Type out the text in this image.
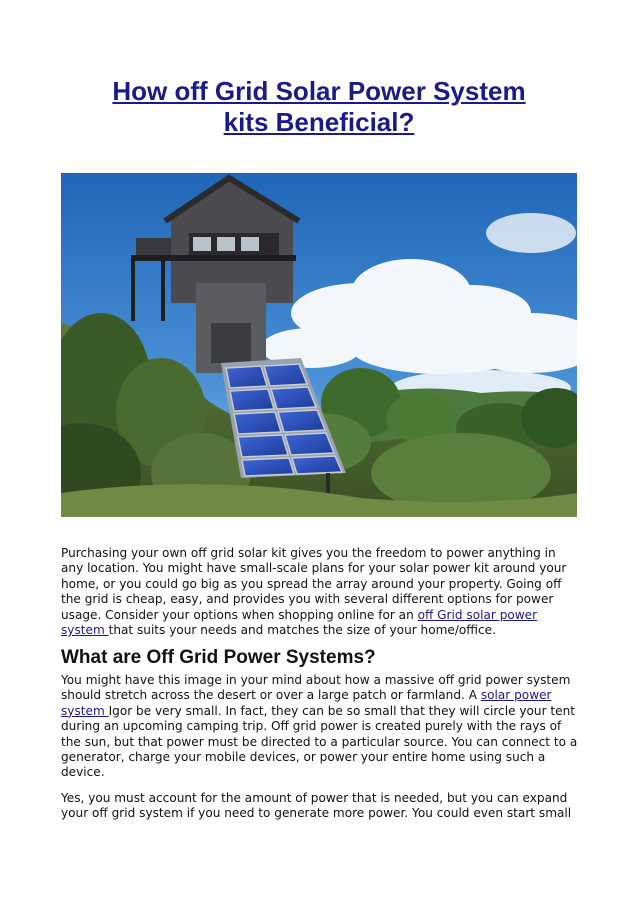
How off Grid Solar Power System
kits Beneficial?

Purchasing your own off grid solar kit gives you the freedom to power anything in any location. You might have small-scale plans for your solar power kit around your home, or you could go big as you spread the array around your property. Going off the grid is cheap, easy, and provides you with several different options for power usage. Consider your options when shopping online for an off Grid solar power system that suits your needs and matches the size of your home/office.

What are Off Grid Power Systems?

You might have this image in your mind about how a massive off grid power system should stretch across the desert or over a large patch or farmland. A solar power system Igor be very small. In fact, they can be so small that they will circle your tent during an upcoming camping trip. Off grid power is created purely with the rays of the sun, but that power must be directed to a particular source. You can connect to a generator, charge your mobile devices, or power your entire home using such a device.

Yes, you must account for the amount of power that is needed, but you can expand your off grid system if you need to generate more power. You could even start small
